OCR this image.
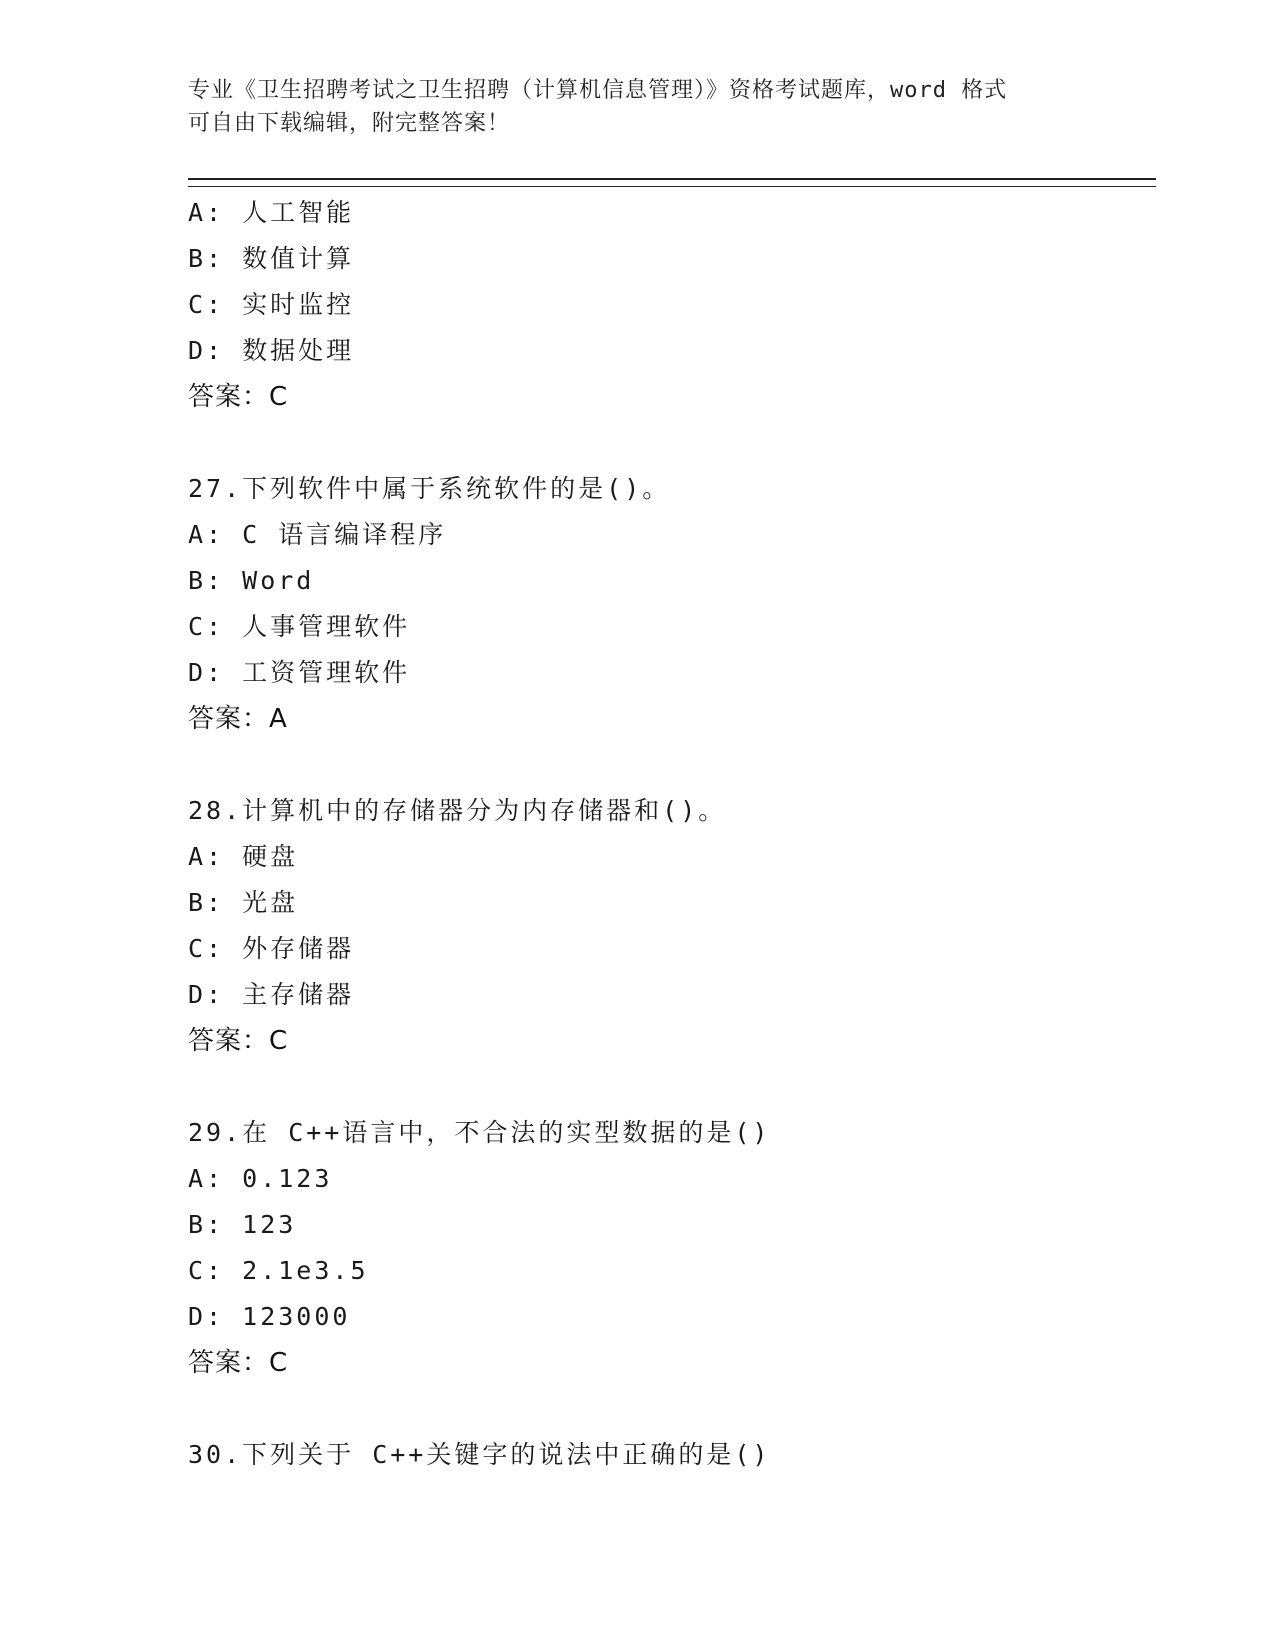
专业《卫生招聘考试之卫生招聘（计算机信息管理）》资格考试题库，word 格式
可自由下载编辑，附完整答案！
A: 人工智能
B: 数值计算
C: 实时监控
D: 数据处理
答案：C
27.下列软件中属于系统软件的是()。
A: C 语言编译程序
B: Word
C: 人事管理软件
D: 工资管理软件
答案：A
28.计算机中的存储器分为内存储器和()。
A: 硬盘
B: 光盘
C: 外存储器
D: 主存储器
答案：C
29.在 C++语言中，不合法的实型数据的是()
A: 0.123
B: 123
C: 2.1e3.5
D: 123000
答案：C
30.下列关于 C++关键字的说法中正确的是()
